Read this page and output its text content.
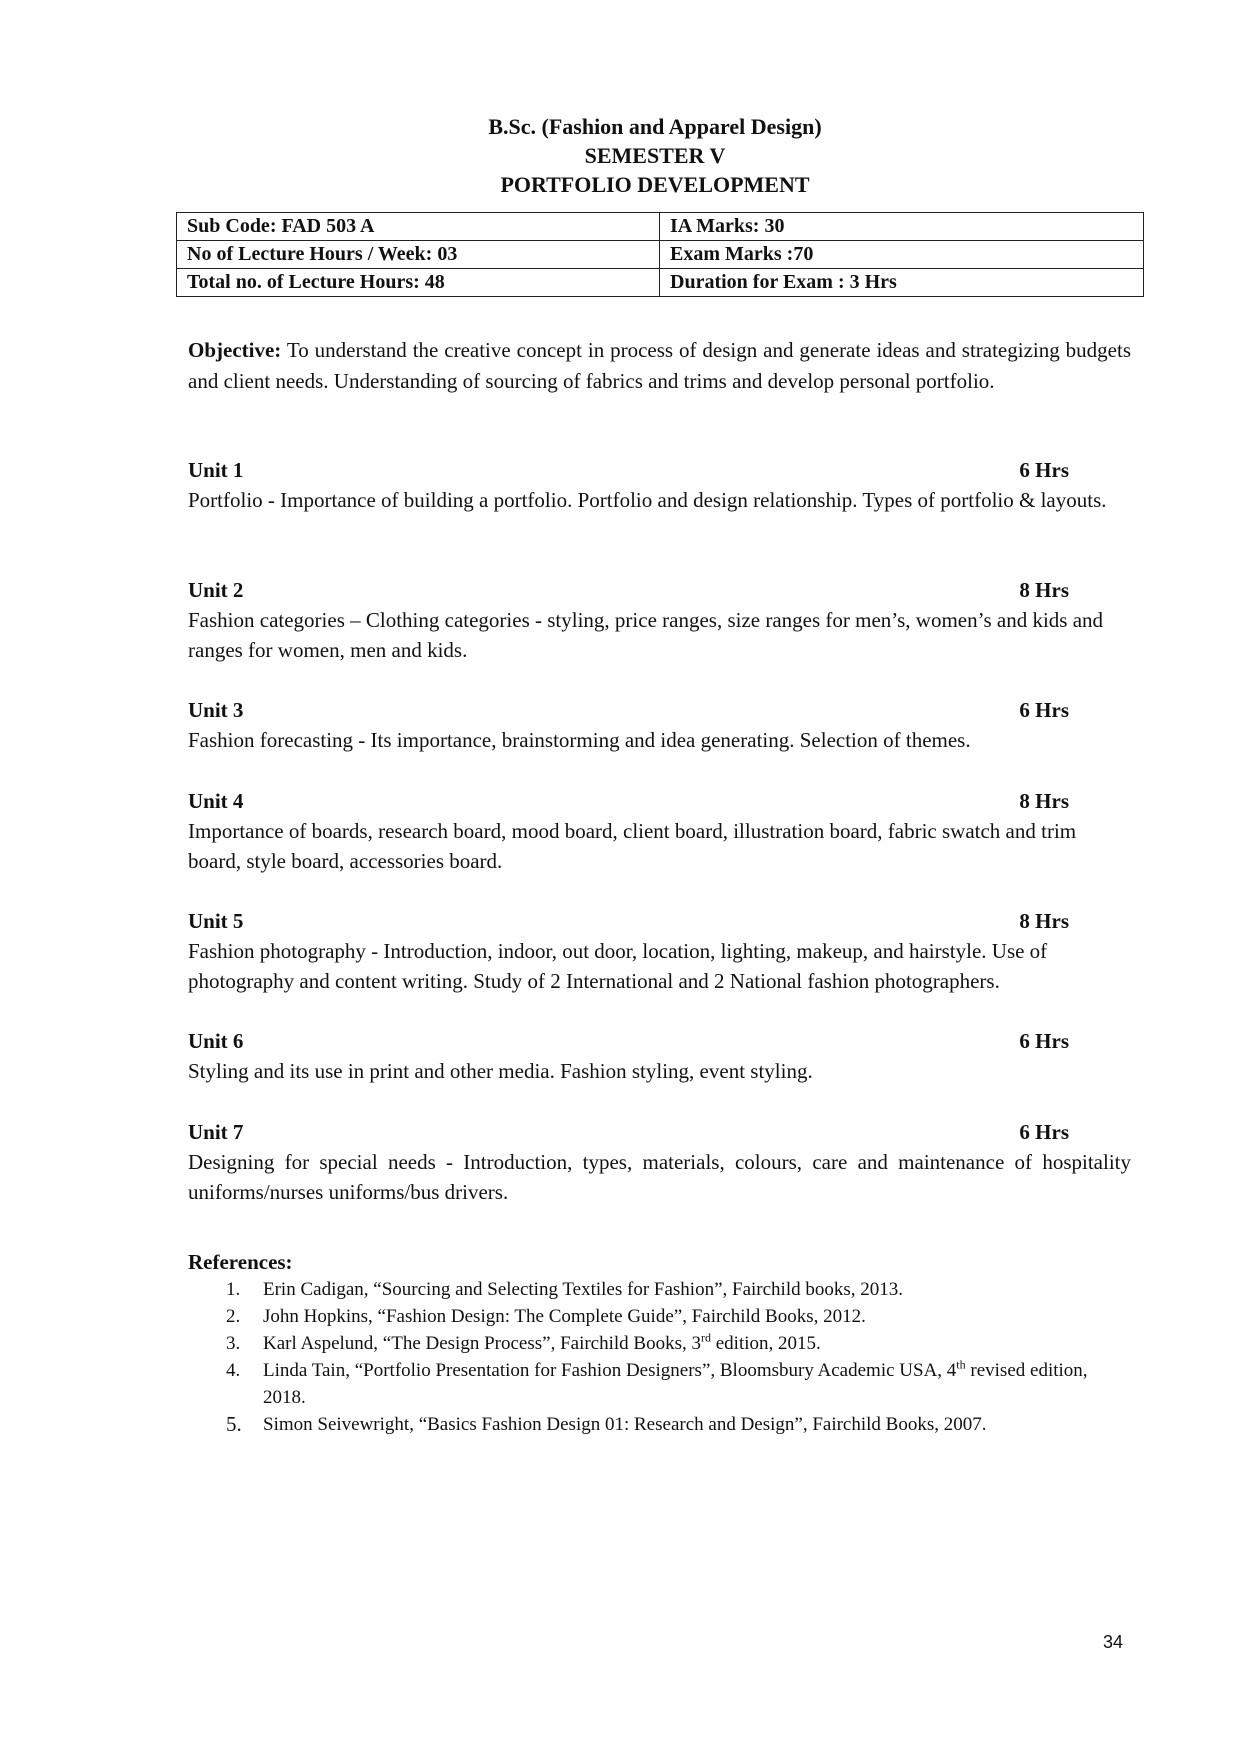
B.Sc. (Fashion and Apparel Design)
SEMESTER V
PORTFOLIO DEVELOPMENT
Sub Code: FAD 503 A	IA Marks: 30
No of Lecture Hours / Week: 03	Exam Marks :70
Total no. of Lecture Hours: 48	Duration for Exam : 3 Hrs
Objective: To understand the creative concept in process of design and generate ideas and strategizing budgets and client needs. Understanding of sourcing of fabrics and trims and develop personal portfolio.
Unit 1	6 Hrs
Portfolio - Importance of building a portfolio. Portfolio and design relationship. Types of portfolio & layouts.
Unit 2	8 Hrs
Fashion categories – Clothing categories - styling, price ranges, size ranges for men’s, women’s and kids and ranges for women, men and kids.
Unit 3	6 Hrs
Fashion forecasting - Its importance, brainstorming and idea generating. Selection of themes.
Unit 4	8 Hrs
Importance of boards, research board, mood board, client board, illustration board, fabric swatch and trim board, style board, accessories board.
Unit 5	8 Hrs
Fashion photography - Introduction, indoor, out door, location, lighting, makeup, and hairstyle. Use of photography and content writing. Study of 2 International and 2 National fashion photographers.
Unit 6	6 Hrs
Styling and its use in print and other media. Fashion styling, event styling.
Unit 7	6 Hrs
Designing for special needs - Introduction, types, materials, colours, care and maintenance of hospitality uniforms/nurses uniforms/bus drivers.
References:
1. Erin Cadigan, “Sourcing and Selecting Textiles for Fashion”, Fairchild books, 2013.
2. John Hopkins, “Fashion Design: The Complete Guide”, Fairchild Books, 2012.
3. Karl Aspelund, “The Design Process”, Fairchild Books, 3rd edition, 2015.
4. Linda Tain, “Portfolio Presentation for Fashion Designers”, Bloomsbury Academic USA, 4th revised edition, 2018.
5. Simon Seivewright, “Basics Fashion Design 01: Research and Design”, Fairchild Books, 2007.
34
